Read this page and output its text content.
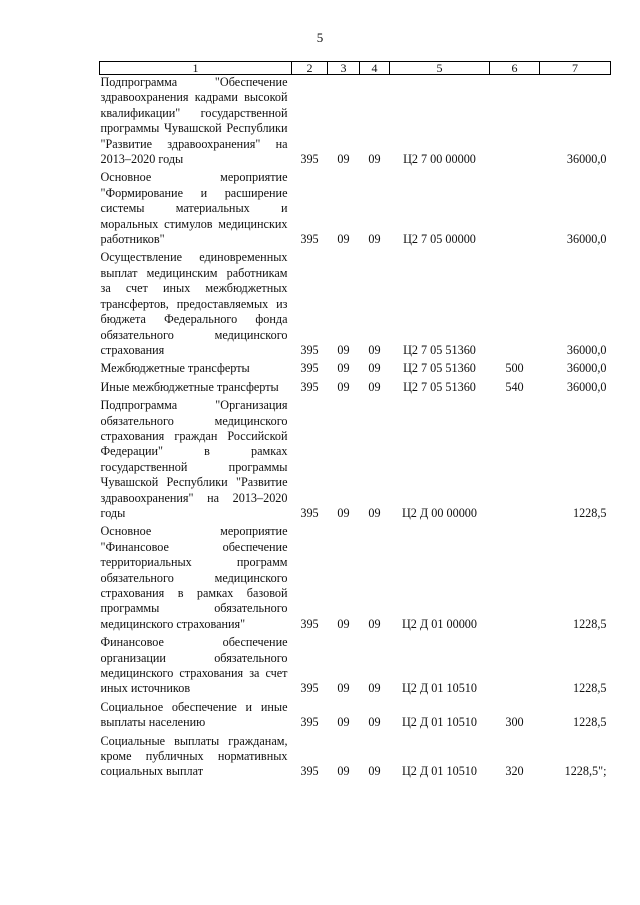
5
1	2	3	4	5	6	7
Подпрограмма "Обеспечение здравоохранения кадрами высокой квалификации" государственной программы Чувашской Республики "Развитие здравоохранения" на 2013–2020 годы	395	09	09	Ц2 7 00 00000		36000,0
Основное мероприятие "Формирование и расширение системы материальных и моральных стимулов медицинских работников"	395	09	09	Ц2 7 05 00000		36000,0
Осуществление единовременных выплат медицинским работникам за счет иных межбюджетных трансфертов, предоставляемых из бюджета Федерального фонда обязательного медицинского страхования	395	09	09	Ц2 7 05 51360		36000,0
Межбюджетные трансферты	395	09	09	Ц2 7 05 51360	500	36000,0
Иные межбюджетные трансферты	395	09	09	Ц2 7 05 51360	540	36000,0
Подпрограмма "Организация обязательного медицинского страхования граждан Российской Федерации" в рамках государственной программы Чувашской Республики "Развитие здравоохранения" на 2013–2020 годы	395	09	09	Ц2 Д 00 00000		1228,5
Основное мероприятие "Финансовое обеспечение территориальных программ обязательного медицинского страхования в рамках базовой программы обязательного медицинского страхования"	395	09	09	Ц2 Д 01 00000		1228,5
Финансовое обеспечение организации обязательного медицинского страхования за счет иных источников	395	09	09	Ц2 Д 01 10510		1228,5
Социальное обеспечение и иные выплаты населению	395	09	09	Ц2 Д 01 10510	300	1228,5
Социальные выплаты гражданам, кроме публичных нормативных социальных выплат	395	09	09	Ц2 Д 01 10510	320	1228,5";
